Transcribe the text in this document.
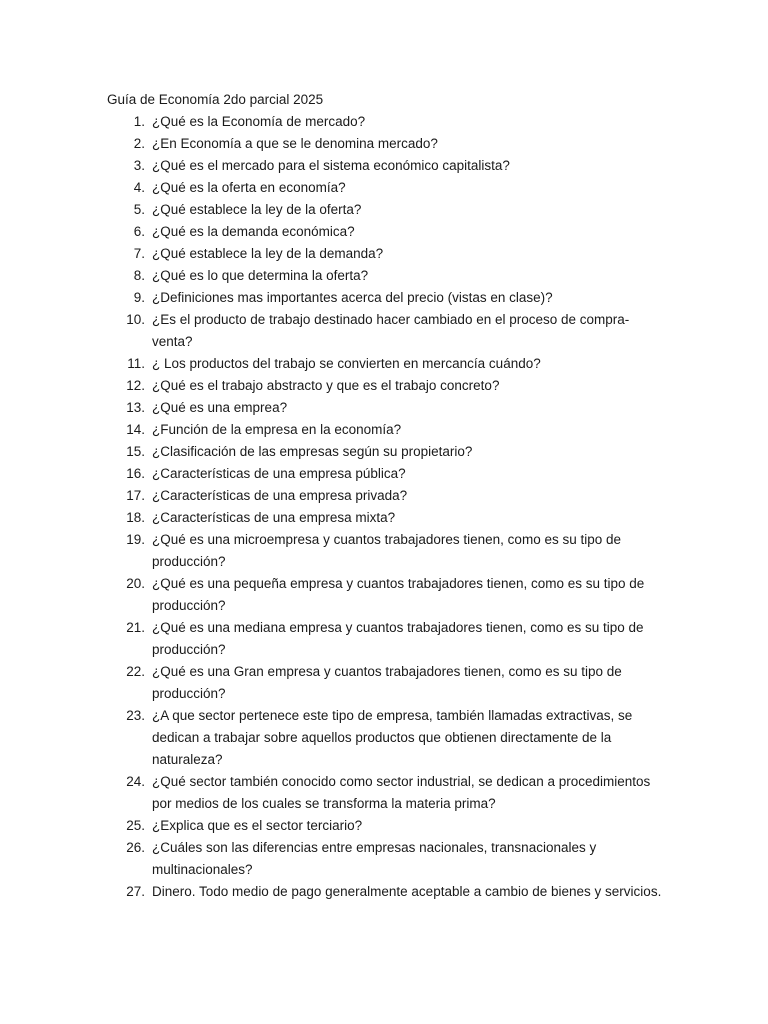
Guía de Economía 2do parcial 2025

1. ¿Qué es la Economía de mercado?
2. ¿En Economía a que se le denomina mercado?
3. ¿Qué es el mercado para el sistema económico capitalista?
4. ¿Qué es la oferta en economía?
5. ¿Qué establece la ley de la oferta?
6. ¿Qué es la demanda económica?
7. ¿Qué establece la ley de la demanda?
8. ¿Qué es lo que determina la oferta?
9. ¿Definiciones mas importantes acerca del precio (vistas en clase)?
10. ¿Es el producto de trabajo destinado hacer cambiado en el proceso de compra-venta?
11. ¿ Los productos del trabajo se convierten en mercancía cuándo?
12. ¿Qué es el trabajo abstracto y que es el trabajo concreto?
13. ¿Qué es una emprea?
14. ¿Función de la empresa en la economía?
15. ¿Clasificación de las empresas según su propietario?
16. ¿Características de una empresa pública?
17. ¿Características de una empresa privada?
18. ¿Características de una empresa mixta?
19. ¿Qué es una microempresa y cuantos trabajadores tienen, como es su tipo de producción?
20. ¿Qué es una pequeña empresa y cuantos trabajadores tienen, como es su tipo de producción?
21. ¿Qué es una mediana empresa y cuantos trabajadores tienen, como es su tipo de producción?
22. ¿Qué es una Gran empresa y cuantos trabajadores tienen, como es su tipo de producción?
23. ¿A que sector pertenece este tipo de empresa, también llamadas extractivas, se dedican a trabajar sobre aquellos productos que obtienen directamente de la naturaleza?
24. ¿Qué sector también conocido como sector industrial, se dedican a procedimientos por medios de los cuales se transforma la materia prima?
25. ¿Explica que es el sector terciario?
26. ¿Cuáles son las diferencias entre empresas nacionales, transnacionales y multinacionales?
27. Dinero. Todo medio de pago generalmente aceptable a cambio de bienes y servicios.
